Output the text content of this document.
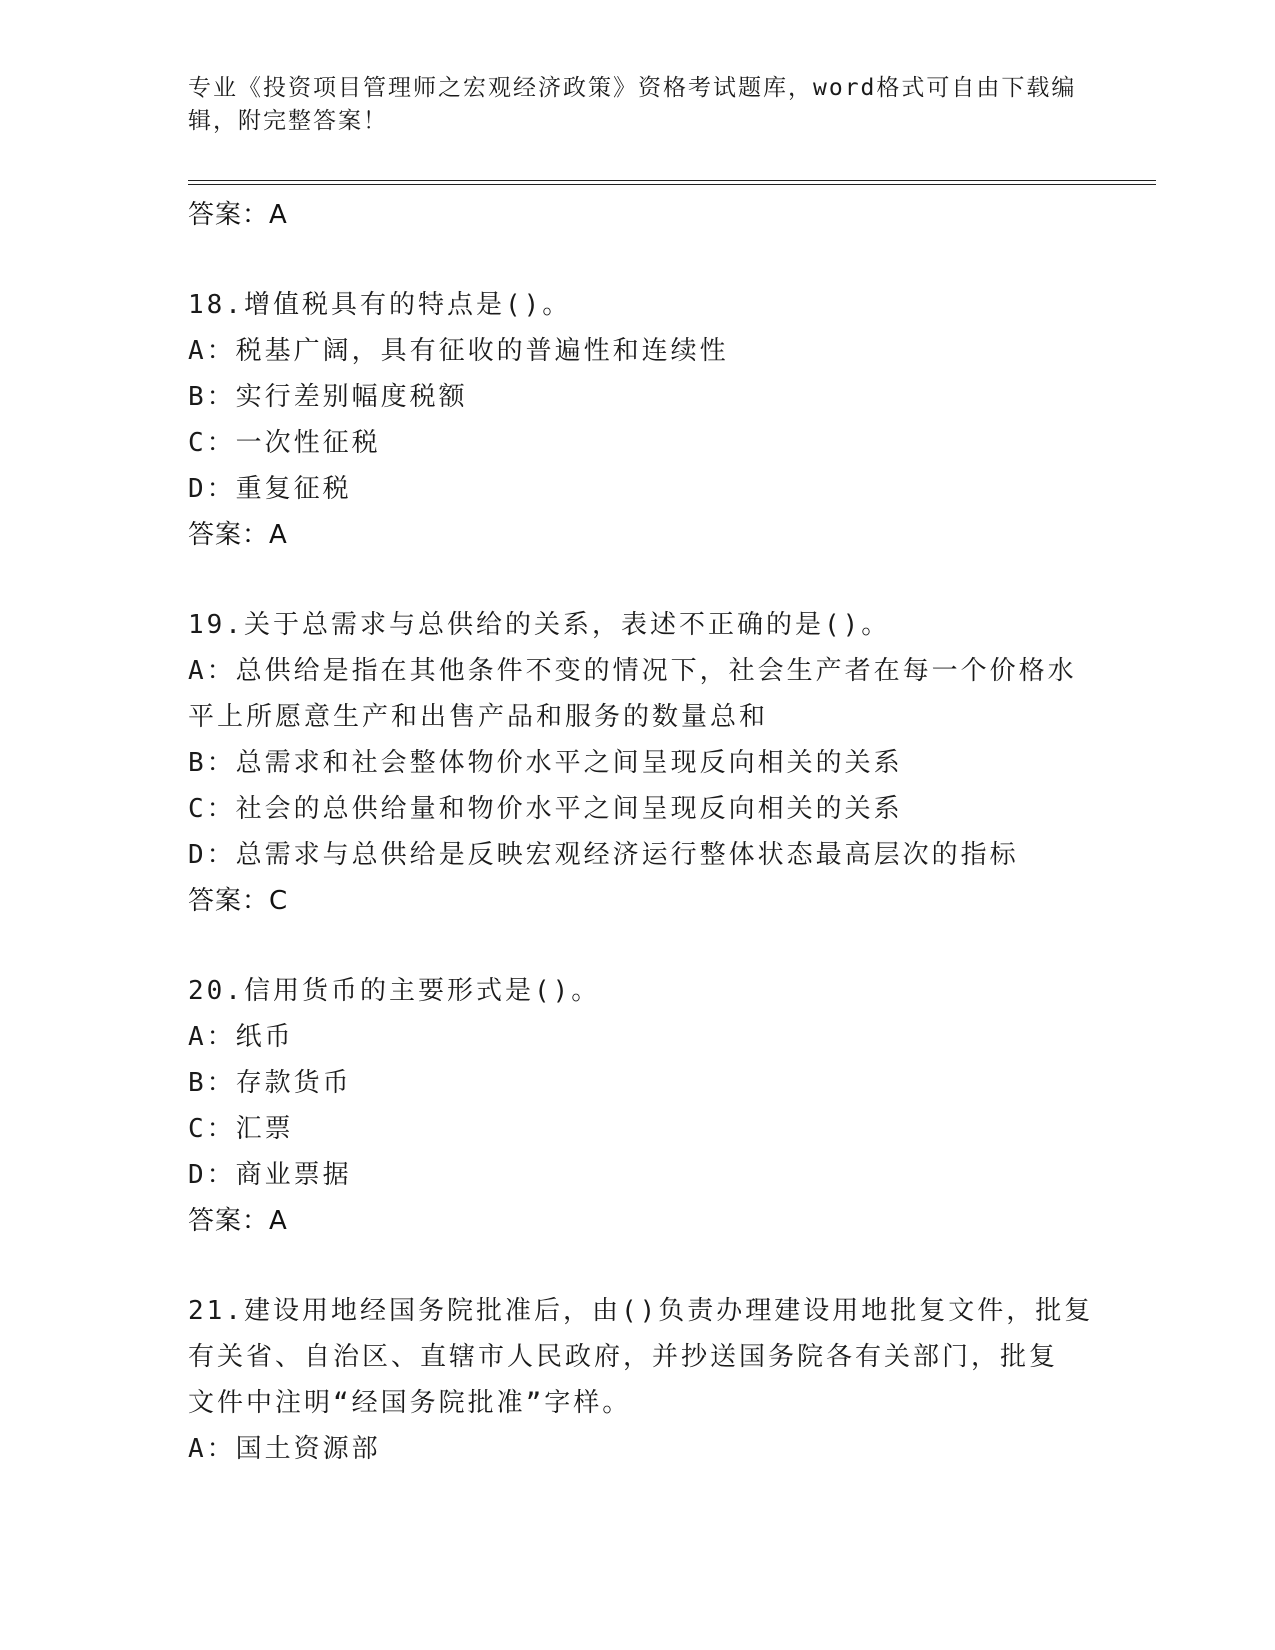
专业《投资项目管理师之宏观经济政策》资格考试题库，word格式可自由下载编
辑，附完整答案！
答案：A
18.增值税具有的特点是()。
A：税基广阔，具有征收的普遍性和连续性
B：实行差别幅度税额
C：一次性征税
D：重复征税
答案：A
19.关于总需求与总供给的关系，表述不正确的是()。
A：总供给是指在其他条件不变的情况下，社会生产者在每一个价格水
平上所愿意生产和出售产品和服务的数量总和
B：总需求和社会整体物价水平之间呈现反向相关的关系
C：社会的总供给量和物价水平之间呈现反向相关的关系
D：总需求与总供给是反映宏观经济运行整体状态最高层次的指标
答案：C
20.信用货币的主要形式是()。
A：纸币
B：存款货币
C：汇票
D：商业票据
答案：A
21.建设用地经国务院批准后，由()负责办理建设用地批复文件，批复
有关省、自治区、直辖市人民政府，并抄送国务院各有关部门，批复
文件中注明“经国务院批准”字样。
A：国土资源部
